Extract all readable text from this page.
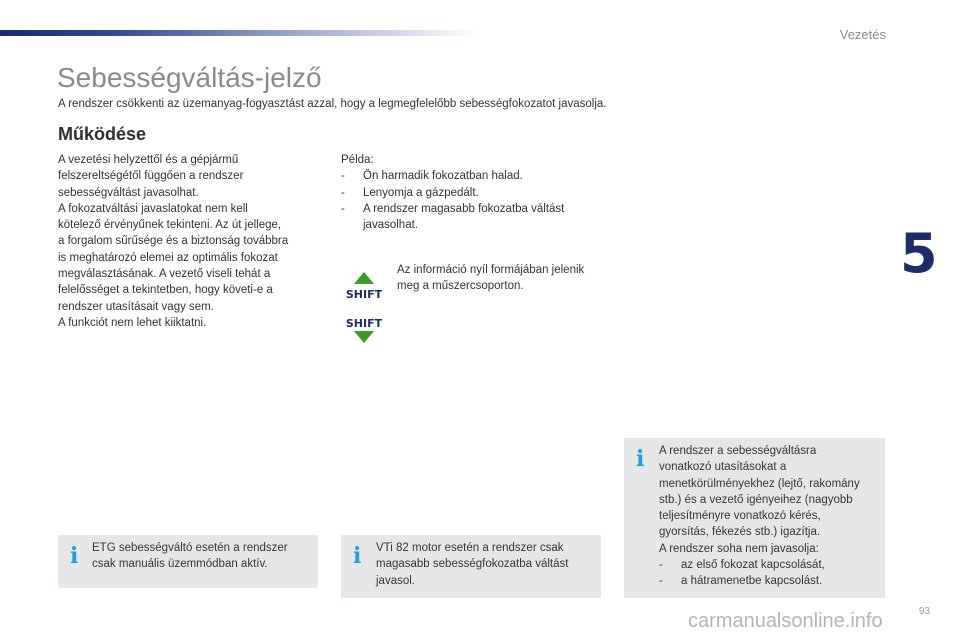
Vezetés
5
93
Sebességváltás-jelző
A rendszer csökkenti az üzemanyag-fogyasztást azzal, hogy a legmegfelelőbb sebességfokozatot javasolja.
Működése

A vezetési helyzettől és a gépjármű

felszereltségétől függően a rendszer

sebességváltást javasolhat.

A fokozatváltási javaslatokat nem kell

kötelező érvényűnek tekinteni. Az út jellege,

a forgalom sűrűsége és a biztonság továbbra

is meghatározó elemei az optimális fokozat

megválasztásának. A vezető viseli tehát a

felelősséget a tekintetben, hogy követi-e a

rendszer utasításait vagy sem.

A funkciót nem lehet kiiktatni.

Példa:
- Ön harmadik fokozatban halad.
- Lenyomja a gázpedált.
- A rendszer magasabb fokozatba váltást javasolhat.
SHIFT
SHIFT
Az információ nyíl formájában jelenik
meg a műszercsoporton.
i ETG sebességváltó esetén a rendszer
csak manuális üzemmódban aktív.	i VTi 82 motor esetén a rendszer csak
magasabb sebességfokozatba váltást
javasol.
i A rendszer a sebességváltásra
vonatkozó utasításokat a
menetkörülményekhez (lejtő, rakomány
stb.) és a vezető igényeihez (nagyobb
teljesítményre vonatkozó kérés,
gyorsítás, fékezés stb.) igazítja.
A rendszer soha nem javasolja:
- az első fokozat kapcsolását,
- a hátramenetbe kapcsolást.
carmanualsonline.info
